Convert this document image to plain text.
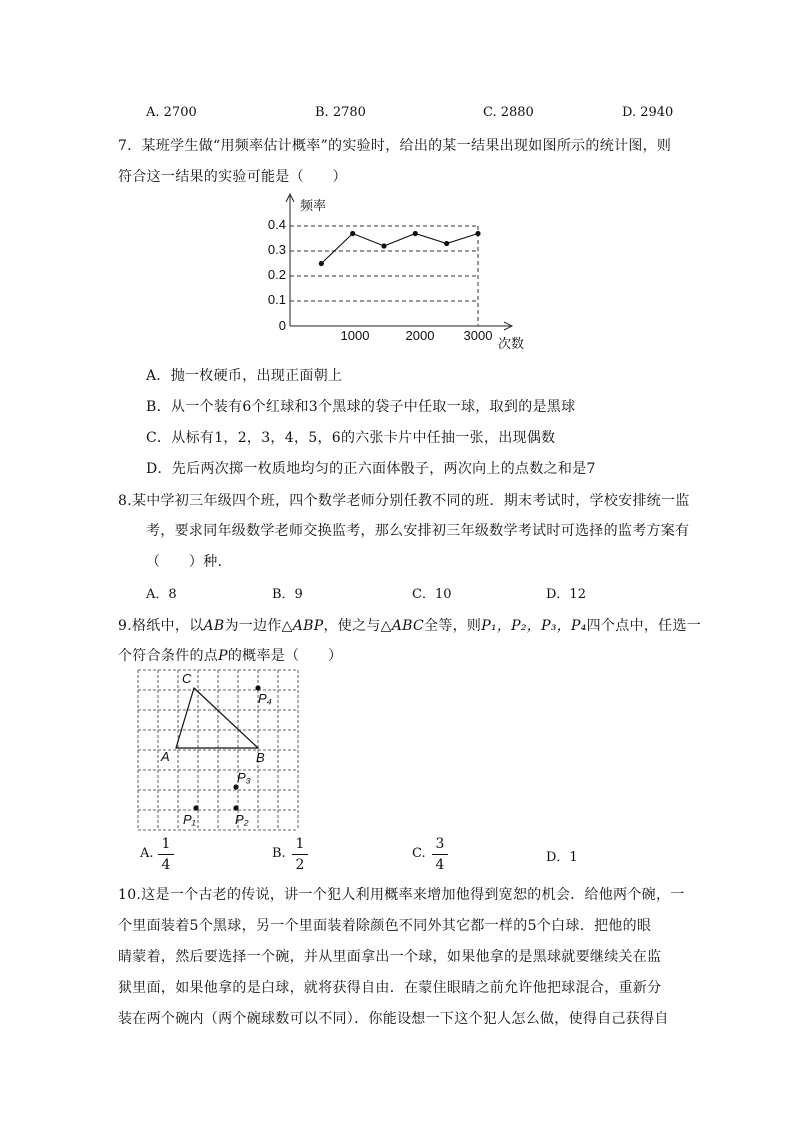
A. 2700	B. 2780	C. 2880	D. 2940
7．某班学生做“用频率估计概率”的实验时，给出的某一结果出现如图所示的统计图，则
符合这一结果的实验可能是（　　）
频率
次数
0.4
0.3
0.2
0.1
0
1000	2000 3000
A．抛一枚硬币，出现正面朝上
B．从一个装有6个红球和3个黑球的袋子中任取一球，取到的是黑球
C．从标有1，2，3，4，5，6的六张卡片中任抽一张，出现偶数
D．先后两次掷一枚质地均匀的正六面体骰子，两次向上的点数之和是7
8.某中学初三年级四个班，四个数学老师分别任教不同的班．期末考试时，学校安排统一监
考，要求同年级数学老师交换监考，那么安排初三年级数学考试时可选择的监考方案有
（　　）种．
A．8	B．9	C．10	D．12
9.格纸中，以AB为一边作△ABP，使之与△ABC全等，则P₁，P₂，P₃，P₄四个点中，任选一
个符合条件的点P的概率是（　　）
C
A	B
P₄
P₃
P₁	P₂
A.
1
4
B.
1
2
C.
3
4	D．1
10.这是一个古老的传说，讲一个犯人利用概率来增加他得到宽恕的机会．给他两个碗，一
个里面装着5个黑球，另一个里面装着除颜色不同外其它都一样的5个白球．把他的眼
睛蒙着，然后要选择一个碗，并从里面拿出一个球，如果他拿的是黑球就要继续关在监
狱里面，如果他拿的是白球，就将获得自由．在蒙住眼睛之前允许他把球混合，重新分
装在两个碗内（两个碗球数可以不同）．你能设想一下这个犯人怎么做，使得自己获得自
